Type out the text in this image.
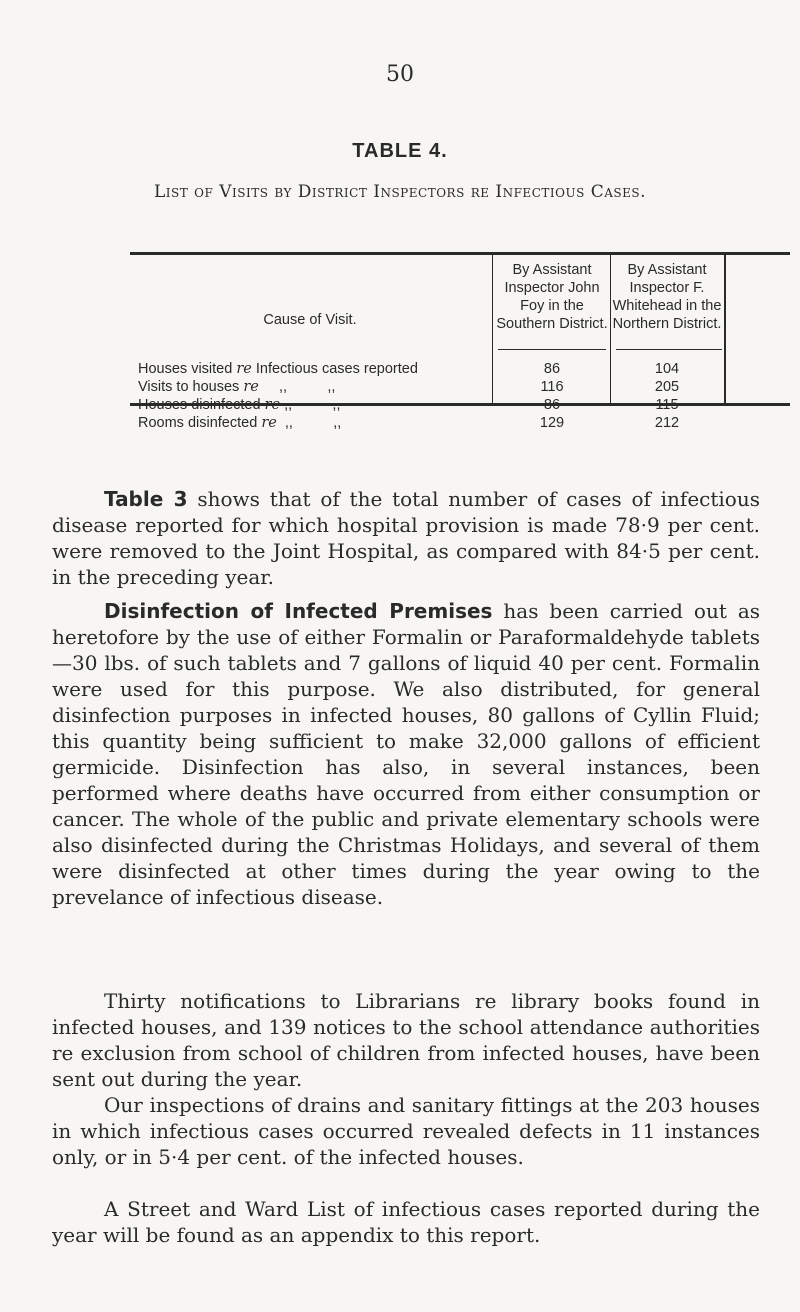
50
TABLE 4.
List of Visits by District Inspectors re Infectious Cases.
Cause of Visit.
By Assistant Inspector John Foy in the Southern District.
By Assistant Inspector F. Whitehead in the Northern District.
Houses visited re Infectious cases reported	86	104
Visits to houses re     ,,          ,,	116	205
Houses disinfected re ,,          ,,	86	115
Rooms disinfected re  ,,          ,,	129	212
Table 3 shows that of the total number of cases of infectious disease reported for which hospital provision is made 78·9 per cent. were removed to the Joint Hospital, as compared with 84·5 per cent. in the preceding year.
Disinfection of Infected Premises has been carried out as heretofore by the use of either Formalin or Paraformaldehyde tablets—30 lbs. of such tablets and 7 gallons of liquid 40 per cent. Formalin were used for this purpose. We also distributed, for general disinfection purposes in infected houses, 80 gallons of Cyllin Fluid; this quantity being sufficient to make 32,000 gallons of efficient germicide. Disinfection has also, in several instances, been performed where deaths have occurred from either consumption or cancer. The whole of the public and private elementary schools were also disinfected during the Christmas Holidays, and several of them were disinfected at other times during the year owing to the prevelance of infectious disease.
Thirty notifications to Librarians re library books found in infected houses, and 139 notices to the school attendance authorities re exclusion from school of children from infected houses, have been sent out during the year.
Our inspections of drains and sanitary fittings at the 203 houses in which infectious cases occurred revealed defects in 11 instances only, or in 5·4 per cent. of the infected houses.
A Street and Ward List of infectious cases reported during the year will be found as an appendix to this report.
